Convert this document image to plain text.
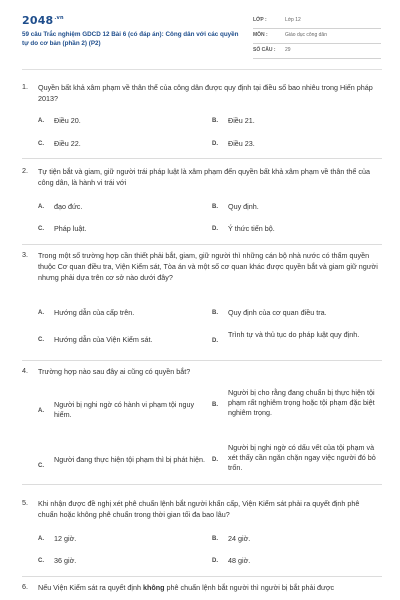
$2048^{.vn}$
59 câu Trắc nghiệm GDCD 12 Bài 6 (có đáp án): Công dân với các quyền tự do cơ bản (phần 2) (P2)
LỚP :	Lớp 12
MÔN :	Giáo dục công dân
SỐ CÂU : 29
1. Quyền bất khả xâm phạm về thân thể của công dân được quy định tại điều số bao nhiêu trong Hiến pháp 2013?
A. Điều 20.	B. Điều 21.
C. Điều 22.	D. Điều 23.
2. Tự tiện bắt và giam, giữ người trái pháp luật là xâm phạm đến quyền bất khả xâm phạm về thân thể của công dân, là hành vi trái với
A. đạo đức.	B. Quy định.
C. Pháp luật.	D. Ý thức tiến bộ.
3. Trong một số trường hợp cần thiết phải bắt, giam, giữ người thì những cán bộ nhà nước có thẩm quyền thuộc Cơ quan điều tra, Viện Kiểm sát, Tòa án và một số cơ quan khác được quyền bắt và giam giữ người nhưng phải dựa trên cơ sở nào dưới đây?
A. Hướng dẫn của cấp trên.	B. Quy định của cơ quan điều tra.
C. Hướng dẫn của Viện Kiểm sát.	D.
Trình tự và thủ tục do pháp luật quy định.
4. Trường hợp nào sau đây ai cũng có quyền bắt?
A.
Người bị nghi ngờ có hành vi phạm tội nguy hiểm.
B.
Người bị cho rằng đang chuẩn bị thực hiện tội phạm rất nghiêm trọng hoặc tội phạm đặc biệt nghiêm trọng.
C.
Người đang thực hiện tội phạm thì bị phát hiện. D.
Người bị nghi ngờ có dấu vết của tội phạm và xét thấy cần ngăn chặn ngay việc người đó bỏ trốn.
5. Khi nhận được đề nghị xét phê chuẩn lệnh bắt người khẩn cấp, Viện Kiểm sát phải ra quyết định phê chuẩn hoặc không phê chuẩn trong thời gian tối đa bao lâu?
A. 12 giờ.	B. 24 giờ.
C. 36 giờ.	D. 48 giờ.
6. Nếu Viện Kiểm sát ra quyết định không phê chuẩn lệnh bắt người thì người bị bắt phải được
